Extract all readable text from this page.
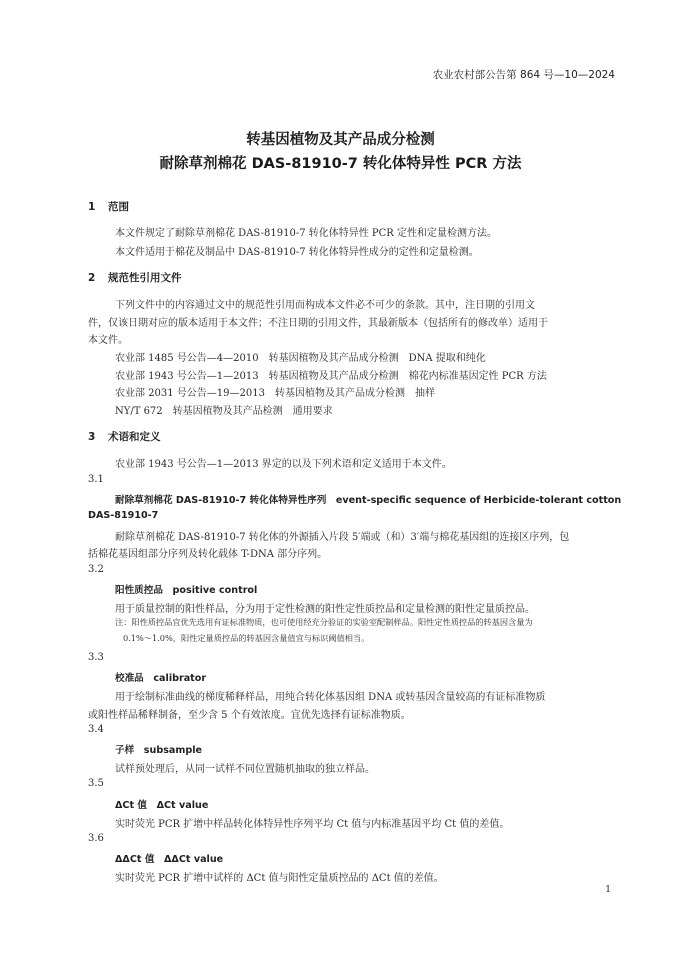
农业农村部公告第 864 号—10—2024
转基因植物及其产品成分检测
耐除草剂棉花 DAS-81910-7 转化体特异性 PCR 方法
1 范围
本文件规定了耐除草剂棉花 DAS-81910-7 转化体特异性 PCR 定性和定量检测方法。
本文件适用于棉花及制品中 DAS-81910-7 转化体特异性成分的定性和定量检测。
2 规范性引用文件
下列文件中的内容通过文中的规范性引用而构成本文件必不可少的条款。其中，注日期的引用文
件，仅该日期对应的版本适用于本文件；不注日期的引用文件，其最新版本（包括所有的修改单）适用于
本文件。
农业部 1485 号公告—4—2010　转基因植物及其产品成分检测　DNA 提取和纯化
农业部 1943 号公告—1—2013　转基因植物及其产品成分检测　棉花内标准基因定性 PCR 方法
农业部 2031 号公告—19—2013　转基因植物及其产品成分检测　抽样
NY/T 672　转基因植物及其产品检测　通用要求
3 术语和定义
农业部 1943 号公告—1—2013 界定的以及下列术语和定义适用于本文件。
3.1
耐除草剂棉花 DAS-81910-7 转化体特异性序列　event-specific sequence of Herbicide-tolerant cotton
DAS-81910-7
耐除草剂棉花 DAS-81910-7 转化体的外源插入片段 5′端或（和）3′端与棉花基因组的连接区序列，包
括棉花基因组部分序列及转化载体 T-DNA 部分序列。
3.2
阳性质控品　positive control
用于质量控制的阳性样品，分为用于定性检测的阳性定性质控品和定量检测的阳性定量质控品。
注：阳性质控品宜优先选用有证标准物质，也可使用经充分验证的实验室配制样品。阳性定性质控品的转基因含量为
0.1%～1.0%，阳性定量质控品的转基因含量值宜与标识阈值相当。
3.3
校准品　calibrator
用于绘制标准曲线的梯度稀释样品，用纯合转化体基因组 DNA 或转基因含量较高的有证标准物质
或阳性样品稀释制备，至少含 5 个有效浓度。宜优先选择有证标准物质。
3.4
子样　subsample
试样预处理后，从同一试样不同位置随机抽取的独立样品。
3.5
ΔCt 值　ΔCt value
实时荧光 PCR 扩增中样品转化体特异性序列平均 Ct 值与内标准基因平均 Ct 值的差值。
3.6
ΔΔCt 值　ΔΔCt value
实时荧光 PCR 扩增中试样的 ΔCt 值与阳性定量质控品的 ΔCt 值的差值。
1
